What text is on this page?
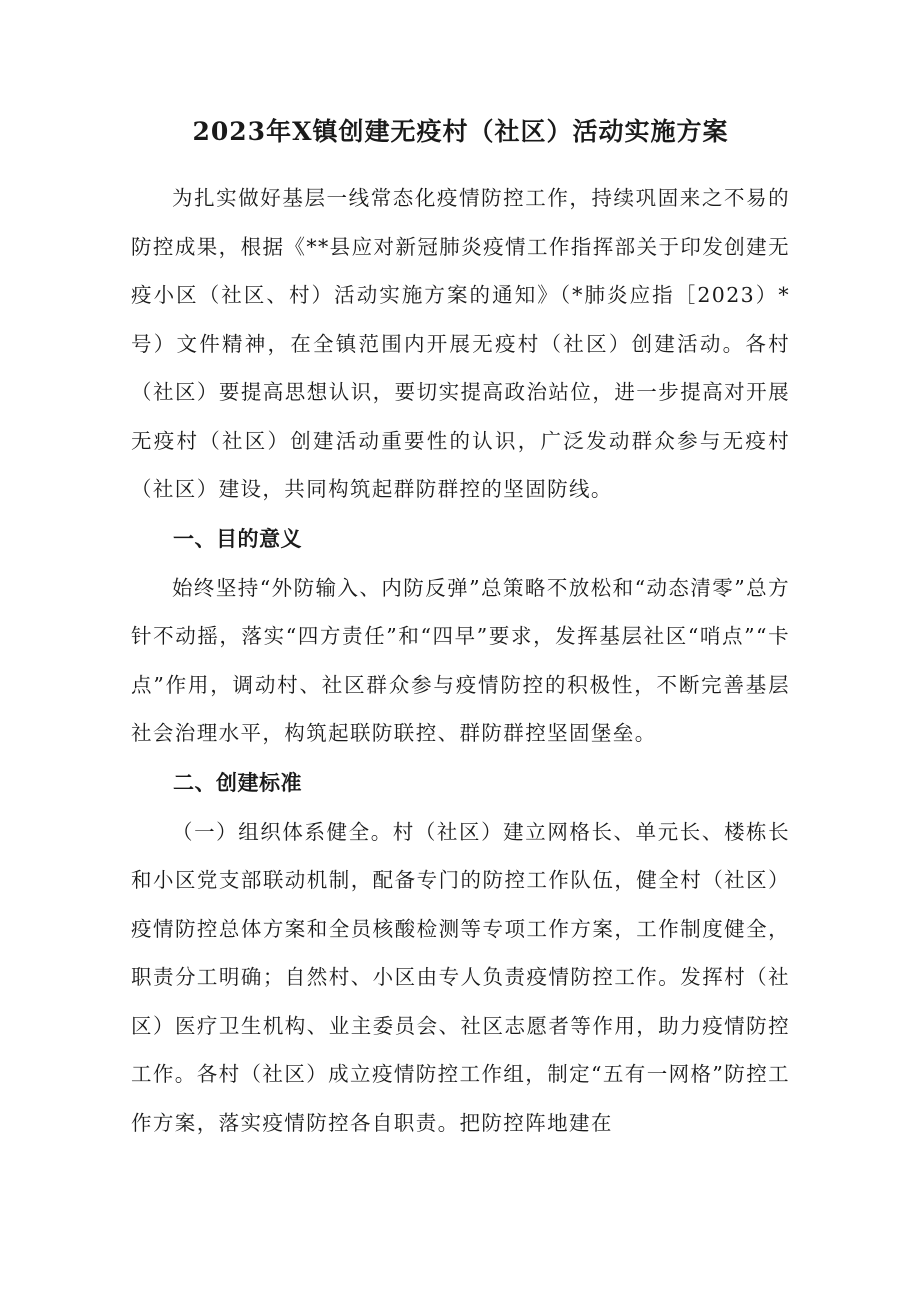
2023年X镇创建无疫村（社区）活动实施方案

为扎实做好基层一线常态化疫情防控工作，持续巩固来之不易的防控成果，根据《**县应对新冠肺炎疫情工作指挥部关于印发创建无疫小区（社区、村）活动实施方案的通知》（*肺炎应指［2023）*号）文件精神，在全镇范围内开展无疫村（社区）创建活动。各村（社区）要提高思想认识，要切实提高政治站位，进一步提高对开展无疫村（社区）创建活动重要性的认识，广泛发动群众参与无疫村（社区）建设，共同构筑起群防群控的坚固防线。

一、目的意义

始终坚持“外防输入、内防反弹”总策略不放松和“动态清零”总方针不动摇，落实“四方责任”和“四早”要求，发挥基层社区“哨点”“卡点”作用，调动村、社区群众参与疫情防控的积极性，不断完善基层社会治理水平，构筑起联防联控、群防群控坚固堡垒。

二、创建标准

（一）组织体系健全。村（社区）建立网格长、单元长、楼栋长和小区党支部联动机制，配备专门的防控工作队伍，健全村（社区）疫情防控总体方案和全员核酸检测等专项工作方案，工作制度健全，职责分工明确；自然村、小区由专人负责疫情防控工作。发挥村（社区）医疗卫生机构、业主委员会、社区志愿者等作用，助力疫情防控工作。各村（社区）成立疫情防控工作组，制定“五有一网格”防控工作方案，落实疫情防控各自职责。把防控阵地建在
